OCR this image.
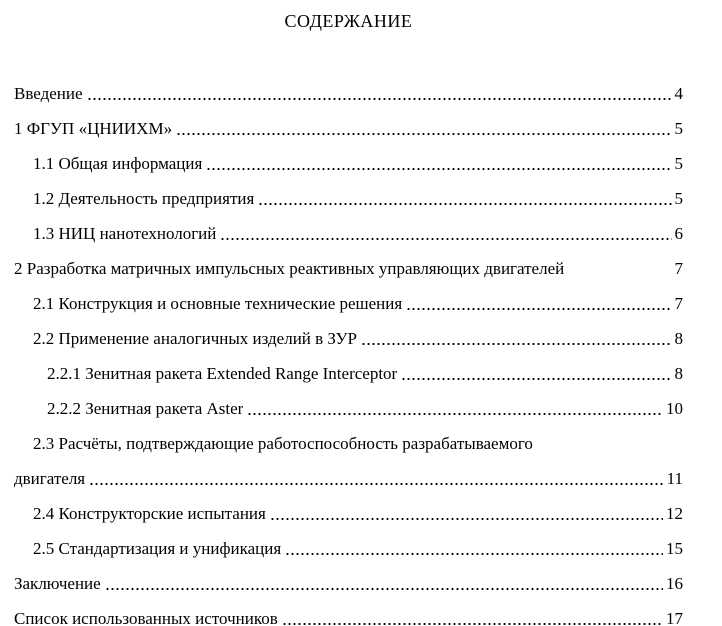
СОДЕРЖАНИЕ
Введение	4
1 ФГУП «ЦНИИХМ»	5
1.1 Общая информация	5
1.2 Деятельность предприятия	5
1.3 НИЦ нанотехнологий	6
2 Разработка матричных импульсных реактивных управляющих двигателей	7
2.1 Конструкция и основные технические решения	7
2.2 Применение аналогичных изделий в ЗУР	8
2.2.1 Зенитная ракета Extended Range Interceptor	8
2.2.2 Зенитная ракета Aster	10
2.3 Расчёты, подтверждающие работоспособность разрабатываемого
двигателя	11
2.4 Конструкторские испытания	12
2.5 Стандартизация и унификация	15
Заключение	16
Список использованных источников	17
